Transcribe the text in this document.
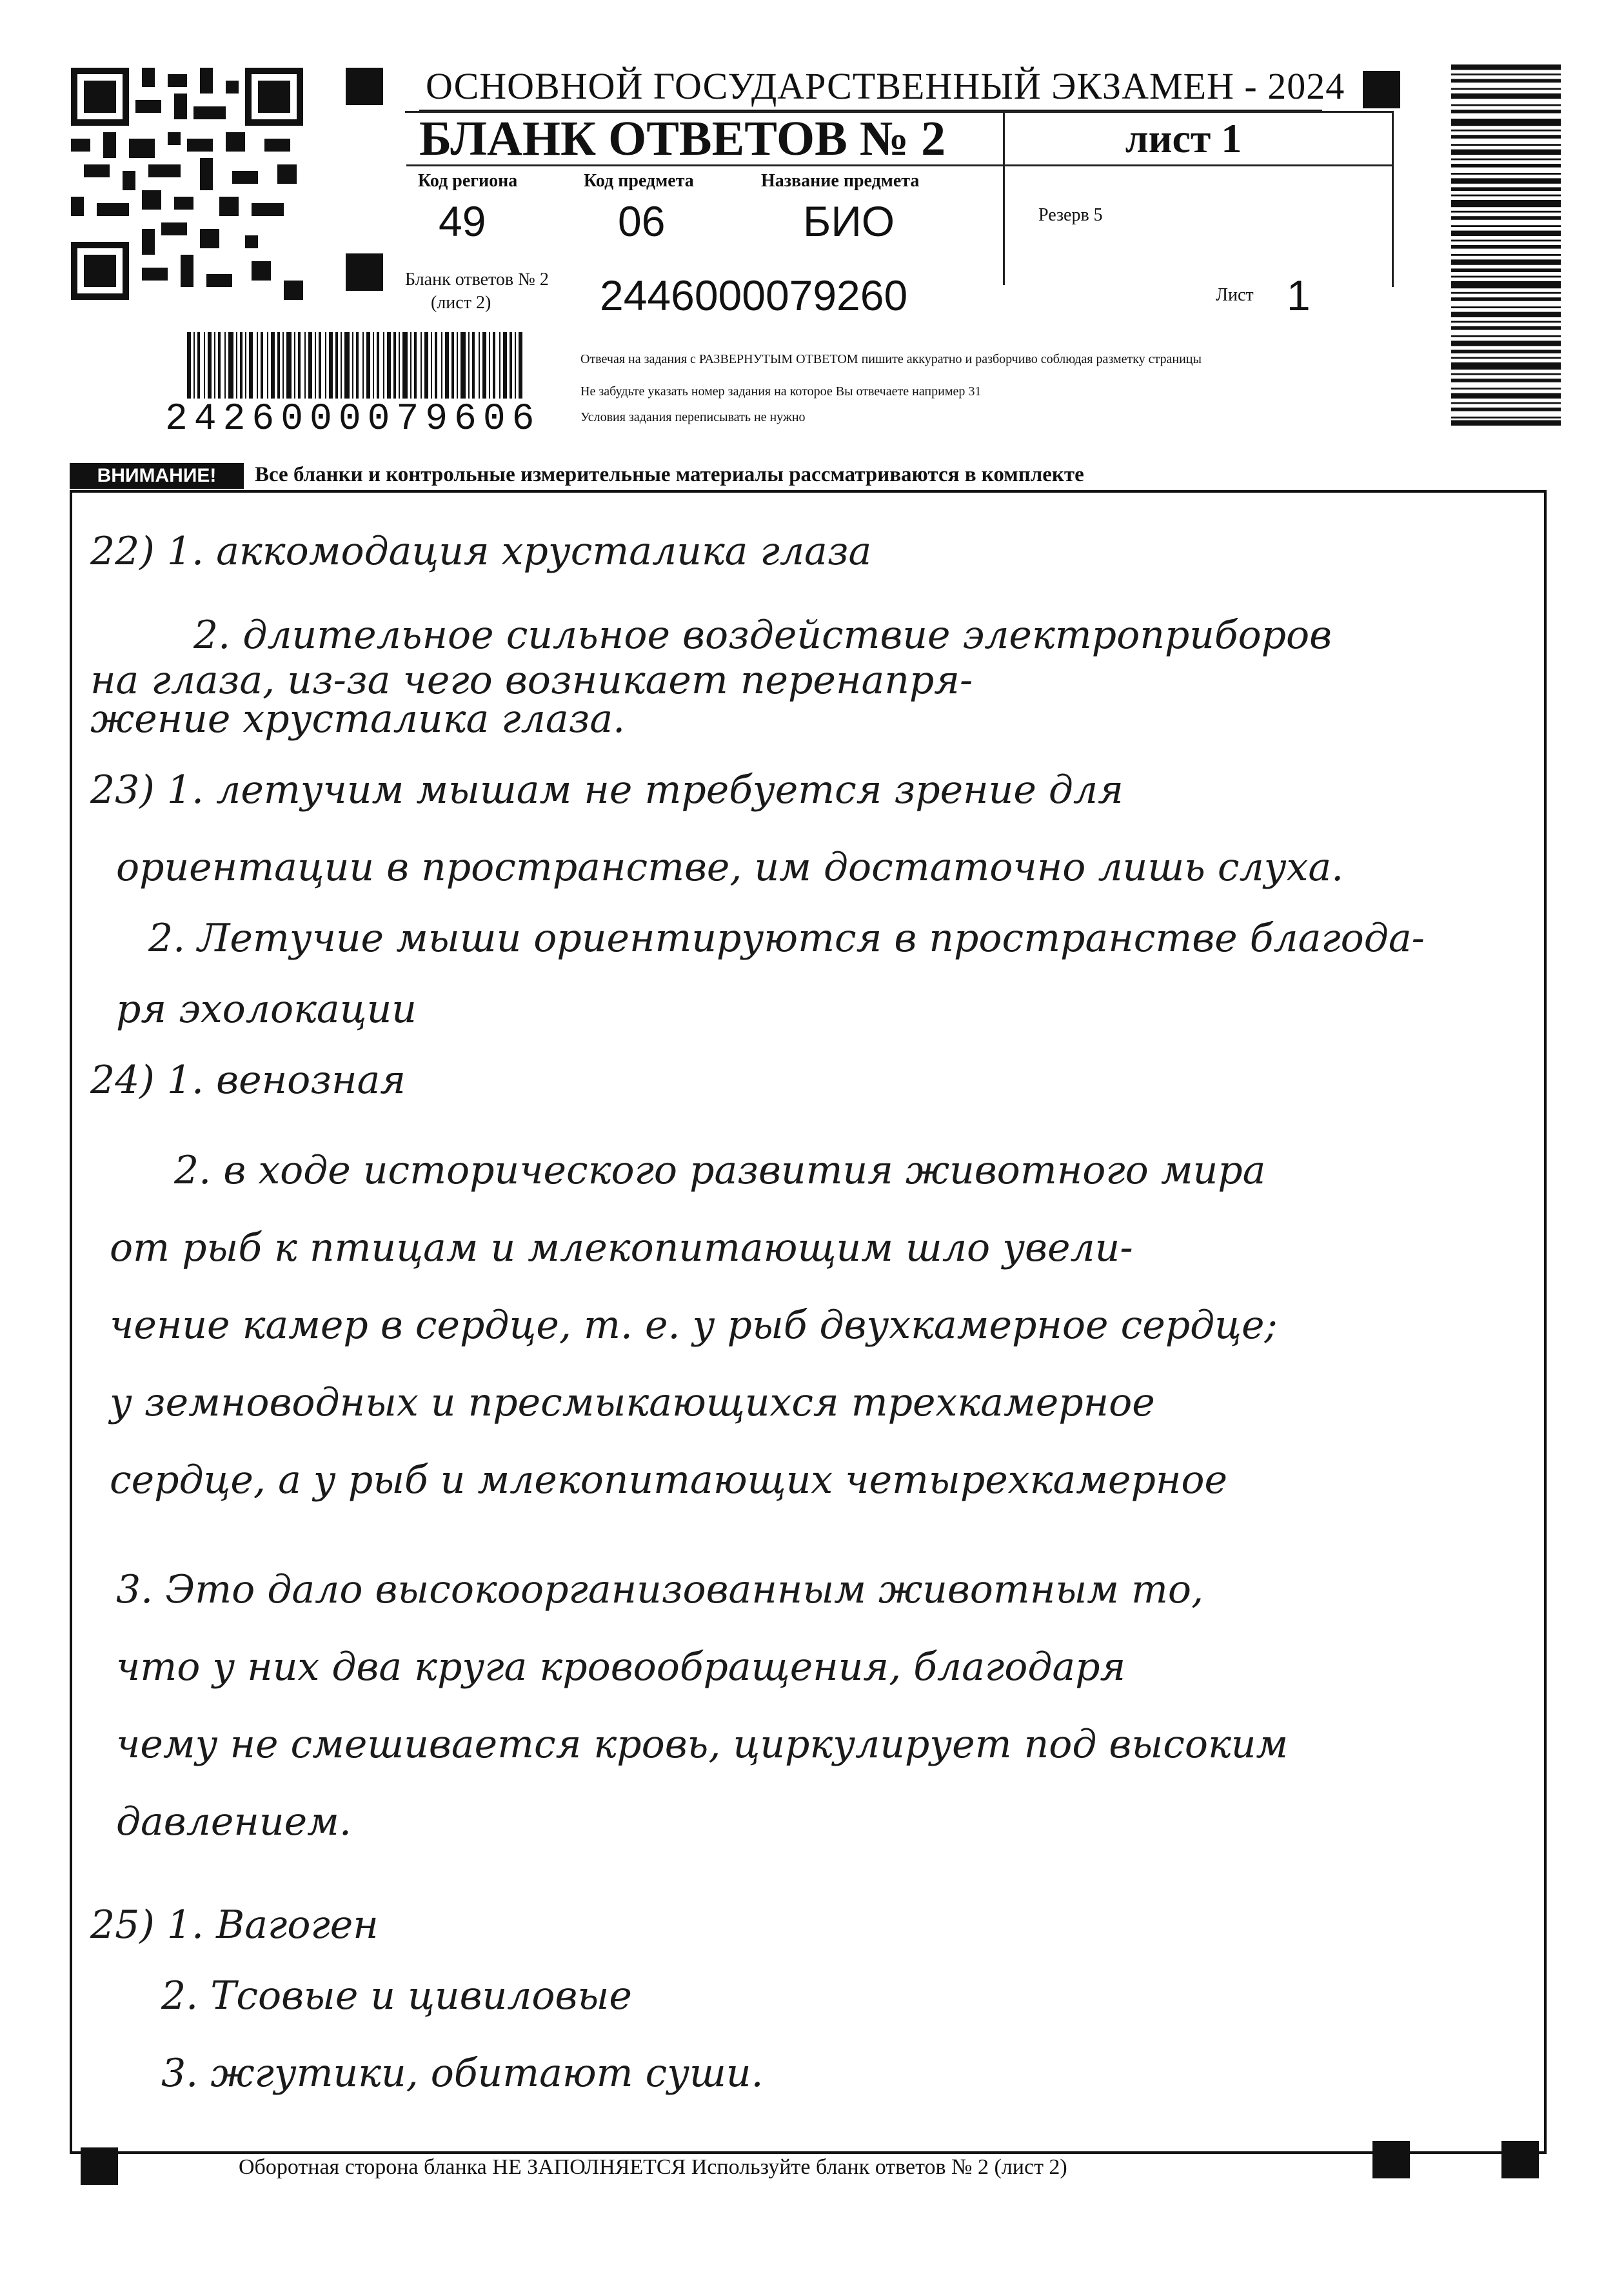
ОСНОВНОЙ ГОСУДАРСТВЕННЫЙ ЭКЗАМЕН - 2024
БЛАНК ОТВЕТОВ № 2	лист 1
Код региона
49
Код предмета
06
Название предмета
БИО	Резерв 5
Бланк ответов № 2
(лист 2)	2446000079260	Лист 1
Отвечая на задания с РАЗВЕРНУТЫМ ОТВЕТОМ пишите аккуратно и разборчиво соблюдая разметку страницы
Не забудьте указать номер задания на которое Вы отвечаете например 31
Условия задания переписывать не нужно
2426000079606
ВНИМАНИЕ!	Все бланки и контрольные измерительные материалы рассматриваются в комплекте
22) 1. аккомодация хрусталика глаза
2. длительное сильное воздействие электроприборов
на глаза, из-за чего возникает перенапря-
жение хрусталика глаза.
23) 1. летучим мышам не требуется зрение для
ориентации в пространстве, им достаточно лишь слуха.
2. Летучие мыши ориентируются в пространстве благода-
ря эхолокации
24) 1. венозная
2. в ходе исторического развития животного мира
от рыб к птицам и млекопитающим шло увели-
чение камер в сердце, т. е. у рыб двухкамерное сердце;
у земноводных и пресмыкающихся трехкамерное
сердце, а у рыб и млекопитающих четырехкамерное
3. Это дало высокоорганизованным животным то,
что у них два круга кровообращения, благодаря
чему не смешивается кровь, циркулирует под высоким
давлением.
25) 1. Вагоген
2. Тсовые и цивиловые
3. жгутики, обитают суши.
Оборотная сторона бланка НЕ ЗАПОЛНЯЕТСЯ Используйте бланк ответов № 2 (лист 2)
